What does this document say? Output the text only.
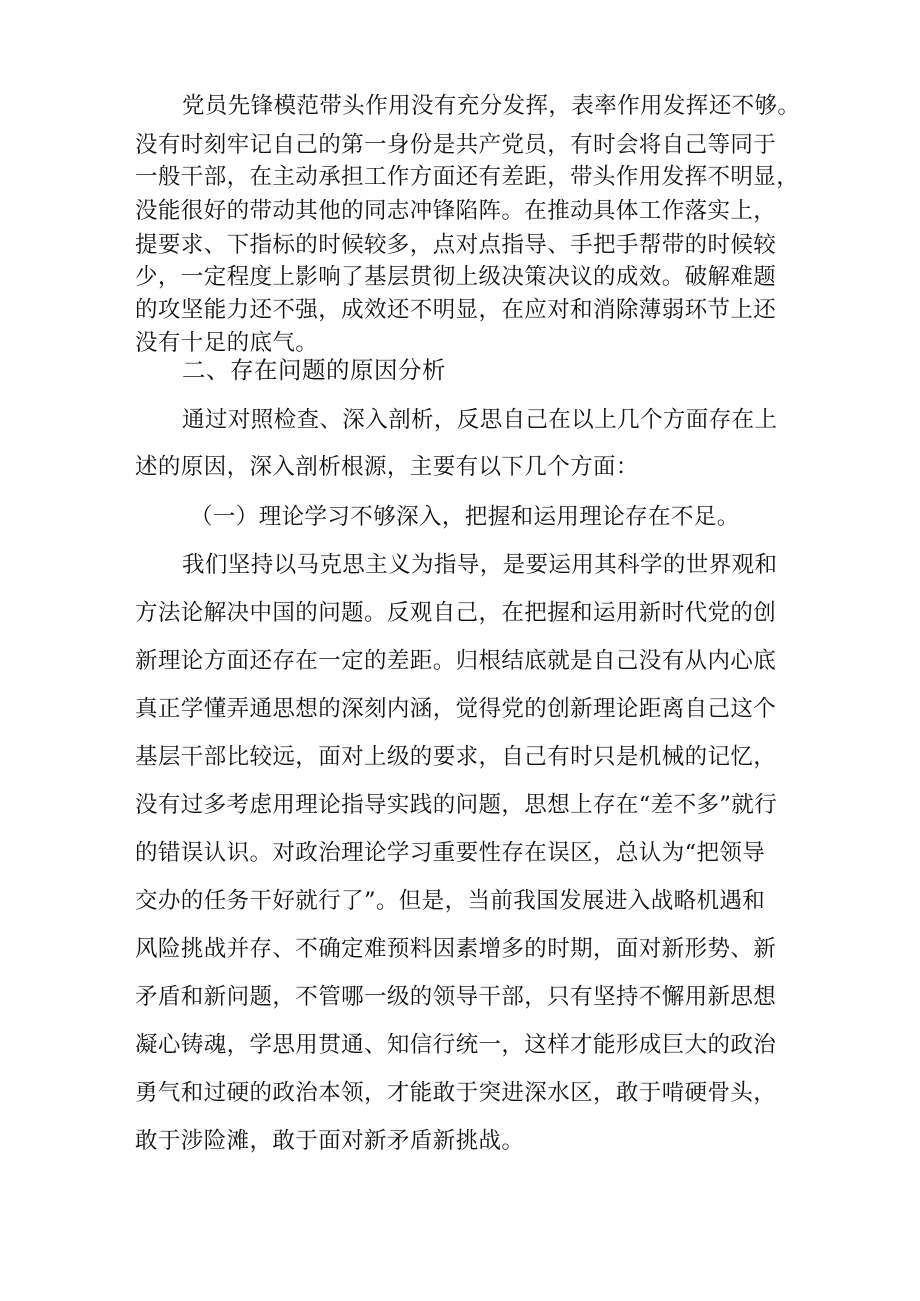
党员先锋模范带头作用没有充分发挥，表率作用发挥还不够。
没有时刻牢记自己的第一身份是共产党员，有时会将自己等同于
一般干部，在主动承担工作方面还有差距，带头作用发挥不明显，
没能很好的带动其他的同志冲锋陷阵。在推动具体工作落实上，
提要求、下指标的时候较多，点对点指导、手把手帮带的时候较
少，一定程度上影响了基层贯彻上级决策决议的成效。破解难题
的攻坚能力还不强，成效还不明显，在应对和消除薄弱环节上还
没有十足的底气。
二、存在问题的原因分析
通过对照检查、深入剖析，反思自己在以上几个方面存在上
述的原因，深入剖析根源，主要有以下几个方面：
（一）理论学习不够深入，把握和运用理论存在不足。
我们坚持以马克思主义为指导，是要运用其科学的世界观和
方法论解决中国的问题。反观自己，在把握和运用新时代党的创
新理论方面还存在一定的差距。归根结底就是自己没有从内心底
真正学懂弄通思想的深刻内涵，觉得党的创新理论距离自己这个
基层干部比较远，面对上级的要求，自己有时只是机械的记忆，
没有过多考虑用理论指导实践的问题，思想上存在“差不多”就行
的错误认识。对政治理论学习重要性存在误区，总认为“把领导
交办的任务干好就行了”。但是，当前我国发展进入战略机遇和
风险挑战并存、不确定难预料因素增多的时期，面对新形势、新
矛盾和新问题，不管哪一级的领导干部，只有坚持不懈用新思想
凝心铸魂，学思用贯通、知信行统一，这样才能形成巨大的政治
勇气和过硬的政治本领，才能敢于突进深水区，敢于啃硬骨头，
敢于涉险滩，敢于面对新矛盾新挑战。
